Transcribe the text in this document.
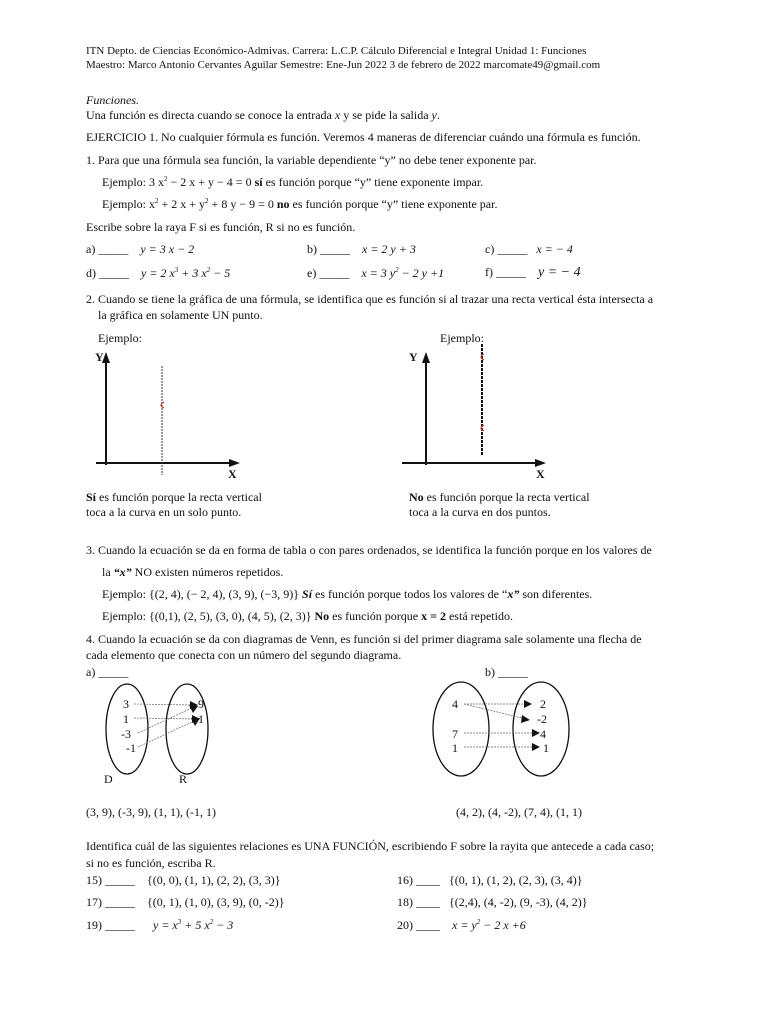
ITN Depto. de Ciencias Económico-Admivas. Carrera: L.C.P. Cálculo Diferencial e Integral Unidad 1: Funciones
Maestro: Marco Antonio Cervantes Aguilar Semestre: Ene-Jun 2022 3 de febrero de 2022 marcomate49@gmail.com
Funciones.
Una función es directa cuando se conoce la entrada x y se pide la salida y.
EJERCICIO 1. No cualquier fórmula es función. Veremos 4 maneras de diferenciar cuándo una fórmula es función.
1. Para que una fórmula sea función, la variable dependiente “y” no debe tener exponente par.
Ejemplo: 3 $x^2 - 2$ x + y − 4 = 0 sí es función porque “y” tiene exponente impar.
Ejemplo: $x^2 + 2$ $x + y^2 + 8$ y − 9 = 0 no es función porque “y” tiene exponente par.
Escribe sobre la raya F si es función, R si no es función.
a) _____ y = 3 x − 2	b) _____ x = 2 y + 3	c) _____ x = − 4
d) _____ y = 2 $x^3 + 3$ $x^2 - 5$	e) _____ x = 3 $y^2 - 2$ y +1	f) _____ y = − 4
2. Cuando se tiene la gráfica de una fórmula, se identifica que es función si al trazar una recta vertical ésta intersecta a
la gráfica en solamente UN punto.
Ejemplo:	Ejemplo:
Y
X
Y
X
Sí es función porque la recta vertical
toca a la curva en un solo punto.
No es función porque la recta vertical
toca a la curva en dos puntos.
3. Cuando la ecuación se da en forma de tabla o con pares ordenados, se identifica la función porque en los valores de
la “x” NO existen números repetidos.
Ejemplo: {(2, 4), (− 2, 4), (3, 9), (−3, 9)} Sí es función porque todos los valores de “x” son diferentes.
Ejemplo: {(0,1), (2, 5), (3, 0), (4, 5), (2, 3)} No es función porque x = 2 está repetido.
4. Cuando la ecuación se da con diagramas de Venn, es función si del primer diagrama sale solamente una flecha de
cada elemento que conecta con un número del segundo diagrama.
a) _____	b) _____
3
1
-3
-1
9
1
D	R
4
7
1
2
-2
4
1
(3, 9), (-3, 9), (1, 1), (-1, 1)	(4, 2), (4, -2), (7, 4), (1, 1)
Identifica cuál de las siguientes relaciones es UNA FUNCIÓN, escribiendo F sobre la rayita que antecede a cada caso;
si no es función, escriba R.
15) _____ {(0, 0), (1, 1), (2, 2), (3, 3)}	16) ____ {(0, 1), (1, 2), (2, 3), (3, 4)}
17) _____ {(0, 1), (1, 0), (3, 9), (0, -2)}	18) ____ {(2,4), (4, -2), (9, -3), (4, 2)}
19) _____ $y = x^3 + 5$ $x^2 - 3$	20) ____ $x = y^2 - 2$ x +6
